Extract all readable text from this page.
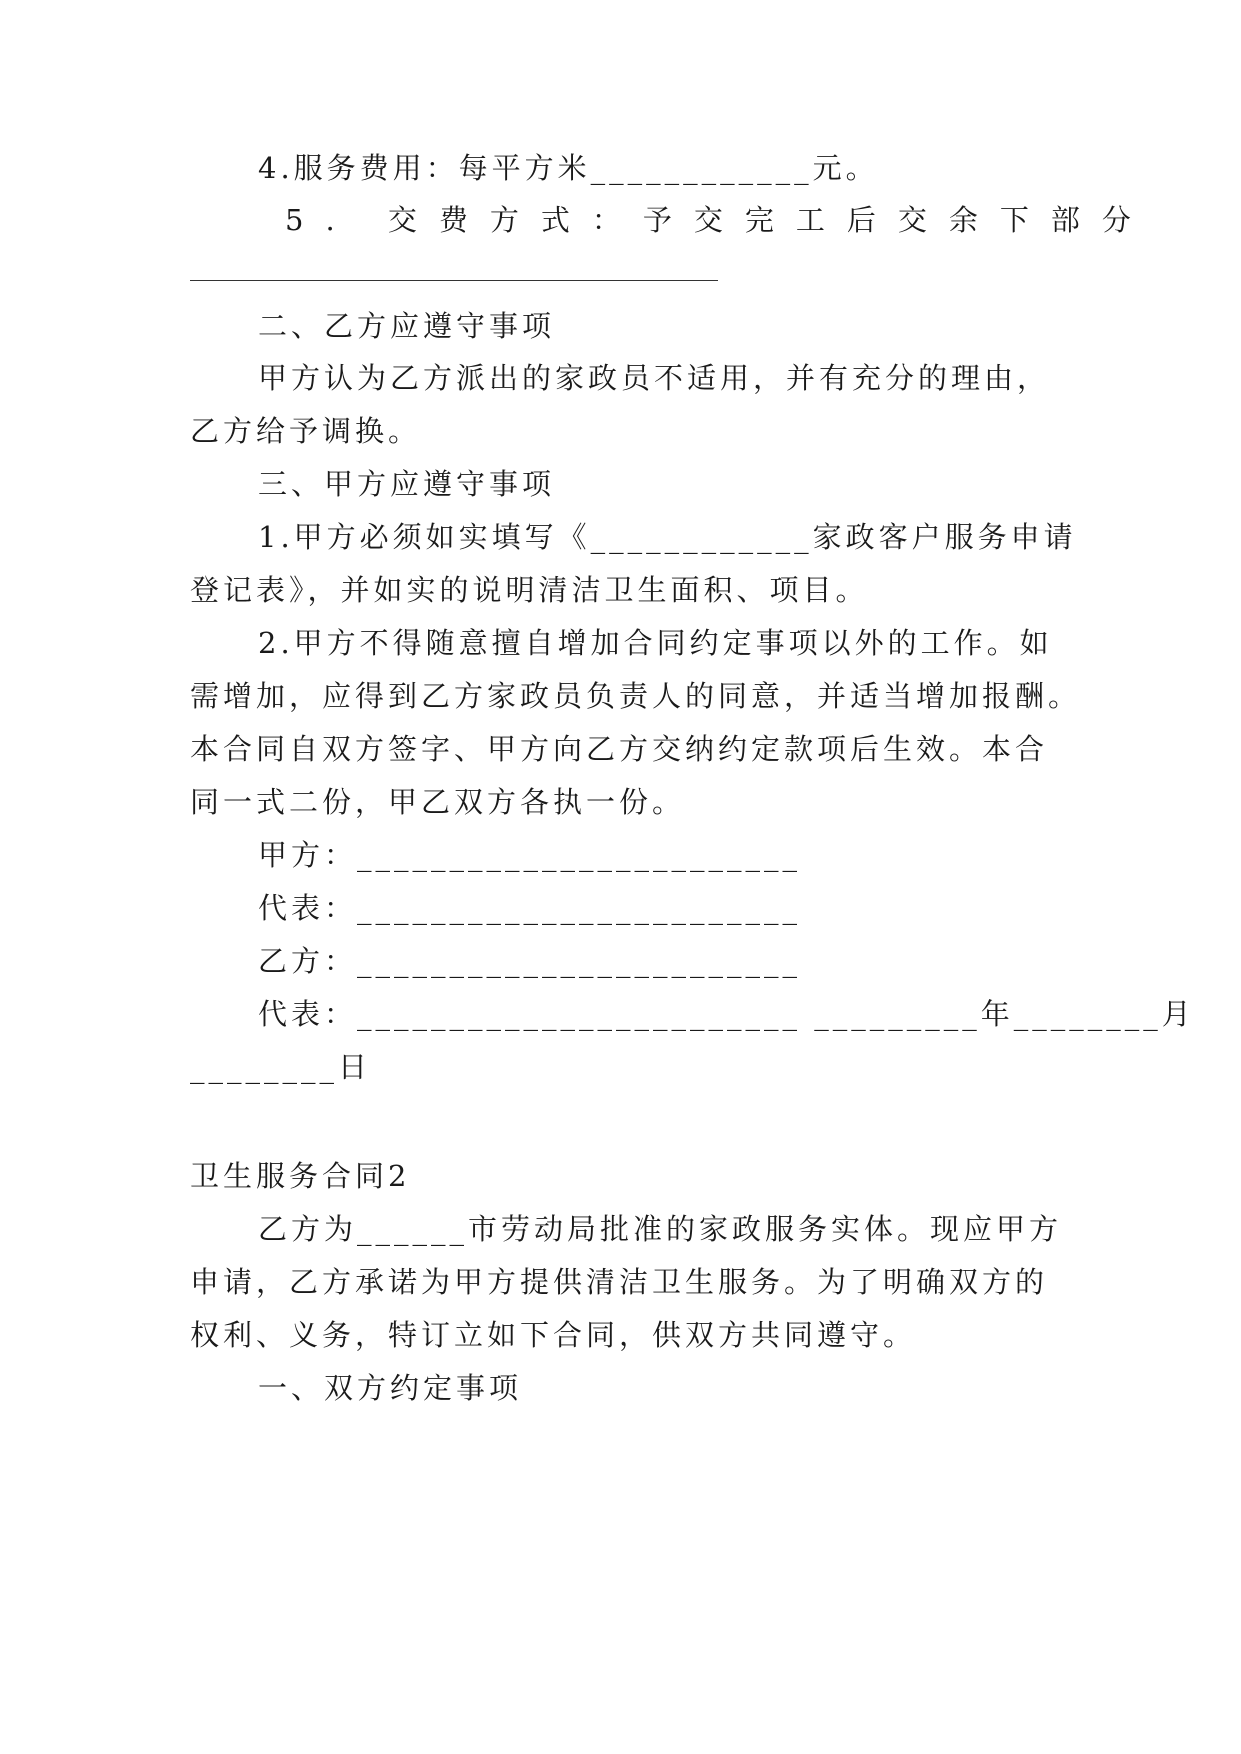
4.服务费用：每平方米____________元。
5. 交费方式：予交完工后交余下部分
二、乙方应遵守事项
甲方认为乙方派出的家政员不适用，并有充分的理由，
乙方给予调换。
三、甲方应遵守事项
1.甲方必须如实填写《____________家政客户服务申请
登记表》，并如实的说明清洁卫生面积、项目。
2.甲方不得随意擅自增加合同约定事项以外的工作。如
需增加，应得到乙方家政员负责人的同意，并适当增加报酬。
本合同自双方签字、甲方向乙方交纳约定款项后生效。本合
同一式二份，甲乙双方各执一份。
甲方：________________________
代表：________________________
乙方：________________________
代表：________________________ _________年________月
________日
卫生服务合同2
乙方为______市劳动局批准的家政服务实体。现应甲方
申请，乙方承诺为甲方提供清洁卫生服务。为了明确双方的
权利、义务，特订立如下合同，供双方共同遵守。
一、双方约定事项
